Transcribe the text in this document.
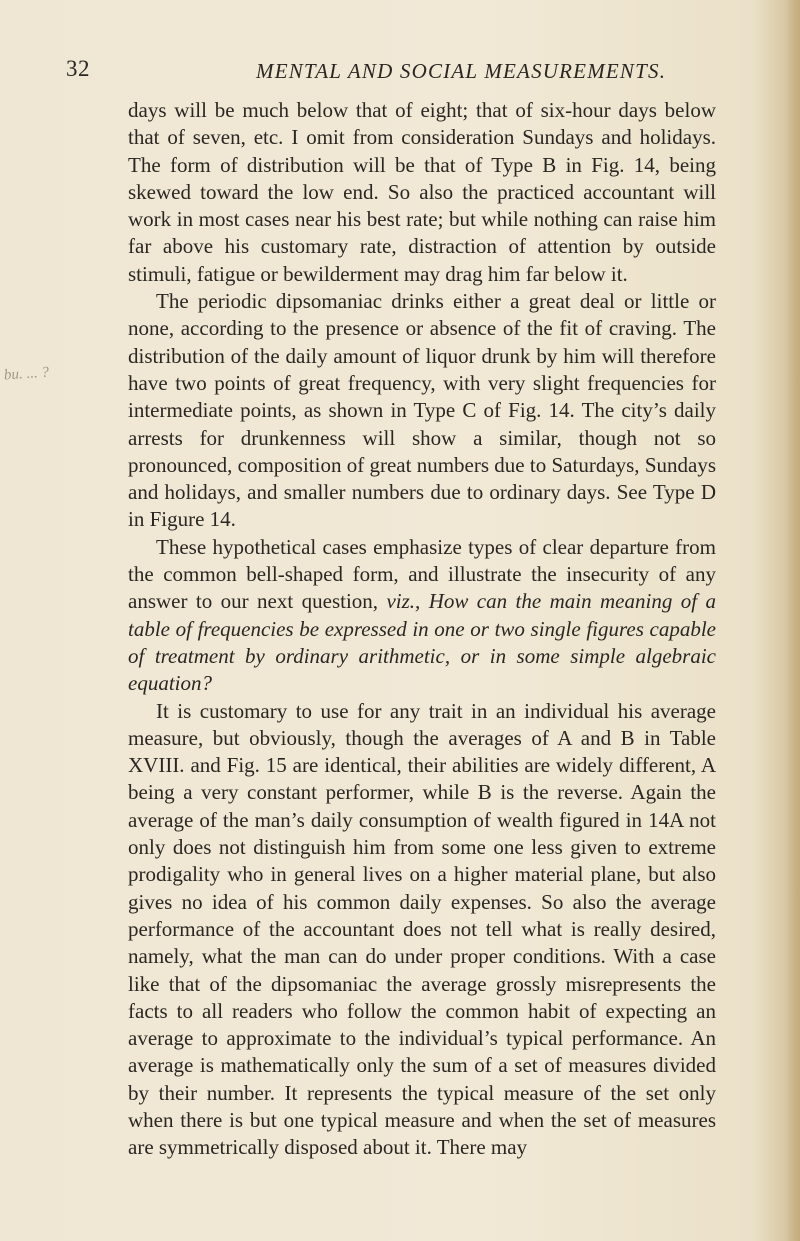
32	MENTAL AND SOCIAL MEASUREMENTS.
bu. ... ?

days will be much below that of eight; that of six-hour days below that of seven, etc. I omit from consideration Sundays and holidays. The form of distribution will be that of Type B in Fig. 14, being skewed toward the low end. So also the practiced accountant will work in most cases near his best rate; but while nothing can raise him far above his customary rate, distraction of attention by outside stimuli, fatigue or bewilderment may drag him far below it.

The periodic dipsomaniac drinks either a great deal or little or none, according to the presence or absence of the fit of craving. The distribution of the daily amount of liquor drunk by him will therefore have two points of great frequency, with very slight frequencies for intermediate points, as shown in Type C of Fig. 14. The city’s daily arrests for drunkenness will show a similar, though not so pronounced, composition of great numbers due to Saturdays, Sundays and holidays, and smaller numbers due to ordinary days. See Type D in Figure 14.

These hypothetical cases emphasize types of clear departure from the common bell-shaped form, and illustrate the insecurity of any answer to our next question, viz., How can the main meaning of a table of frequencies be expressed in one or two single figures capable of treatment by ordinary arithmetic, or in some simple algebraic equation?

It is customary to use for any trait in an individual his average measure, but obviously, though the averages of A and B in Table XVIII. and Fig. 15 are identical, their abilities are widely different, A being a very constant performer, while B is the reverse. Again the average of the man’s daily consumption of wealth figured in 14A not only does not distinguish him from some one less given to extreme prodigality who in general lives on a higher material plane, but also gives no idea of his common daily expenses. So also the average performance of the accountant does not tell what is really desired, namely, what the man can do under proper conditions. With a case like that of the dipsomaniac the average grossly misrepresents the facts to all readers who follow the common habit of expecting an average to approximate to the individual’s typical performance. An average is mathematically only the sum of a set of measures divided by their number. It represents the typical measure of the set only when there is but one typical measure and when the set of measures are symmetrically disposed about it. There may
